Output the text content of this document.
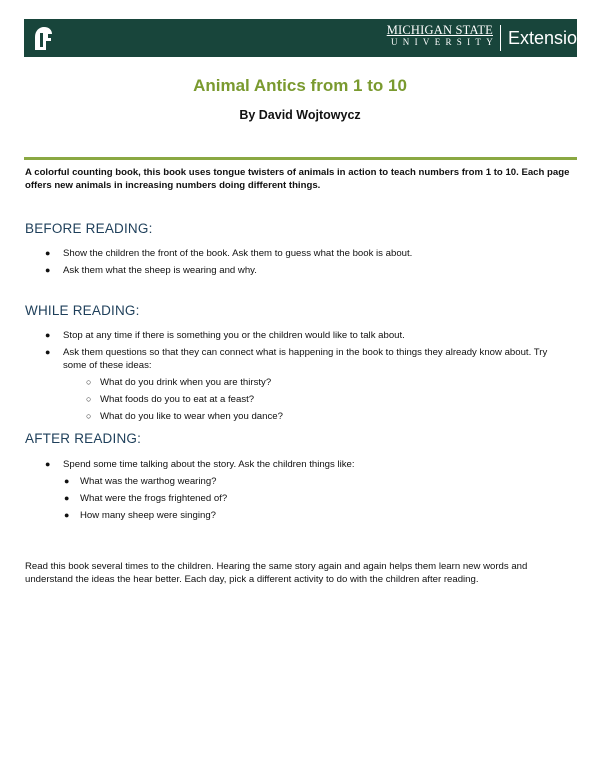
MICHIGAN STATE
UNIVERSITY Extension
Animal Antics from 1 to 10
By David Wojtowycz
A colorful counting book, this book uses tongue twisters of animals in action to teach numbers from 1 to 10. Each page offers new animals in increasing numbers doing different things.
BEFORE READING:
● Show the children the front of the book. Ask them to guess what the book is about.
● Ask them what the sheep is wearing and why.
WHILE READING:
● Stop at any time if there is something you or the children would like to talk about.
● Ask them questions so that they can connect what is happening in the book to things they already know about. Try some of these ideas:
○ What do you drink when you are thirsty?
○ What foods do you to eat at a feast?
○ What do you like to wear when you dance?
AFTER READING:
● Spend some time talking about the story. Ask the children things like:
● What was the warthog wearing?
● What were the frogs frightened of?
● How many sheep were singing?
Read this book several times to the children. Hearing the same story again and again helps them learn new words and understand the ideas the hear better. Each day, pick a different activity to do with the children after reading.
